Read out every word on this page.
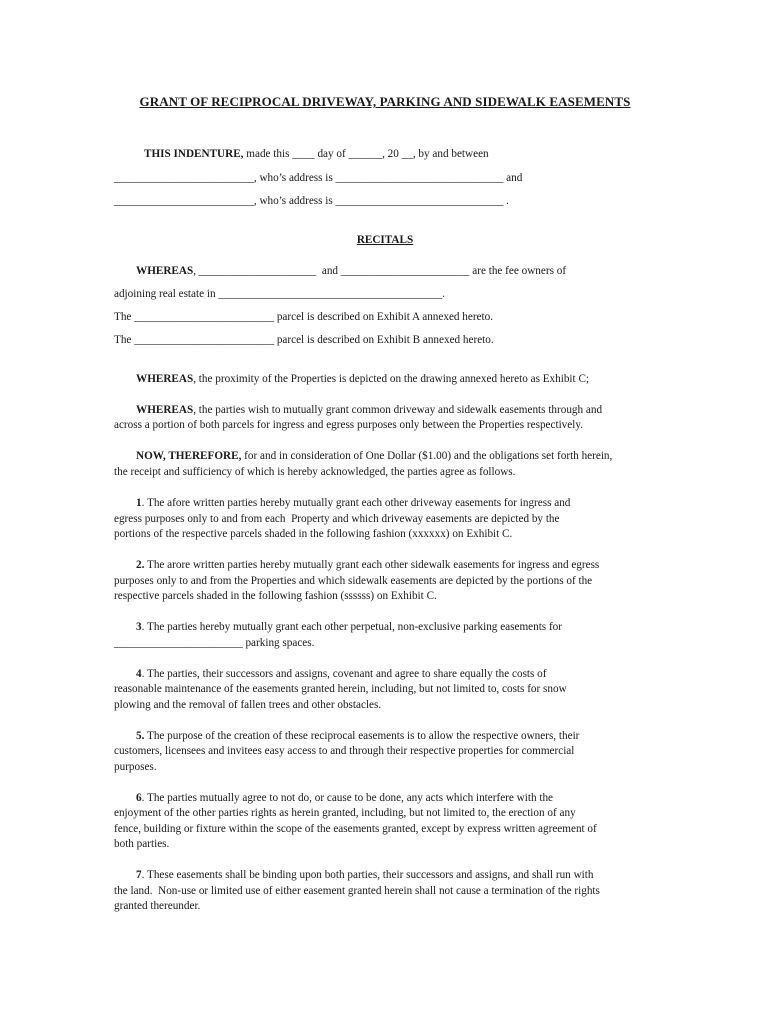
GRANT OF RECIPROCAL DRIVEWAY, PARKING AND SIDEWALK EASEMENTS
THIS INDENTURE, made this ____ day of ______, 20 __, by and between
_________________________, who’s address is ______________________________ and
_________________________, who’s address is ______________________________ .
RECITALS
WHEREAS, _____________________  and _______________________ are the fee owners of
adjoining real estate in ________________________________________.
The _________________________ parcel is described on Exhibit A annexed hereto.
The _________________________ parcel is described on Exhibit B annexed hereto.
WHEREAS, the proximity of the Properties is depicted on the drawing annexed hereto as Exhibit C;
WHEREAS, the parties wish to mutually grant common driveway and sidewalk easements through and
across a portion of both parcels for ingress and egress purposes only between the Properties respectively.
NOW, THEREFORE, for and in consideration of One Dollar ($1.00) and the obligations set forth herein,
the receipt and sufficiency of which is hereby acknowledged, the parties agree as follows.
1. The afore written parties hereby mutually grant each other driveway easements for ingress and
egress purposes only to and from each  Property and which driveway easements are depicted by the
portions of the respective parcels shaded in the following fashion (xxxxxx) on Exhibit C.
2. The arore written parties hereby mutually grant each other sidewalk easements for ingress and egress
purposes only to and from the Properties and which sidewalk easements are depicted by the portions of the
respective parcels shaded in the following fashion (ssssss) on Exhibit C.
3. The parties hereby mutually grant each other perpetual, non-exclusive parking easements for
_______________________ parking spaces.
4. The parties, their successors and assigns, covenant and agree to share equally the costs of
reasonable maintenance of the easements granted herein, including, but not limited to, costs for snow
plowing and the removal of fallen trees and other obstacles.
5. The purpose of the creation of these reciprocal easements is to allow the respective owners, their
customers, licensees and invitees easy access to and through their respective properties for commercial
purposes.
6. The parties mutually agree to not do, or cause to be done, any acts which interfere with the
enjoyment of the other parties rights as herein granted, including, but not limited to, the erection of any
fence, building or fixture within the scope of the easements granted, except by express written agreement of
both parties.
7. These easements shall be binding upon both parties, their successors and assigns, and shall run with
the land.  Non-use or limited use of either easement granted herein shall not cause a termination of the rights
granted thereunder.
